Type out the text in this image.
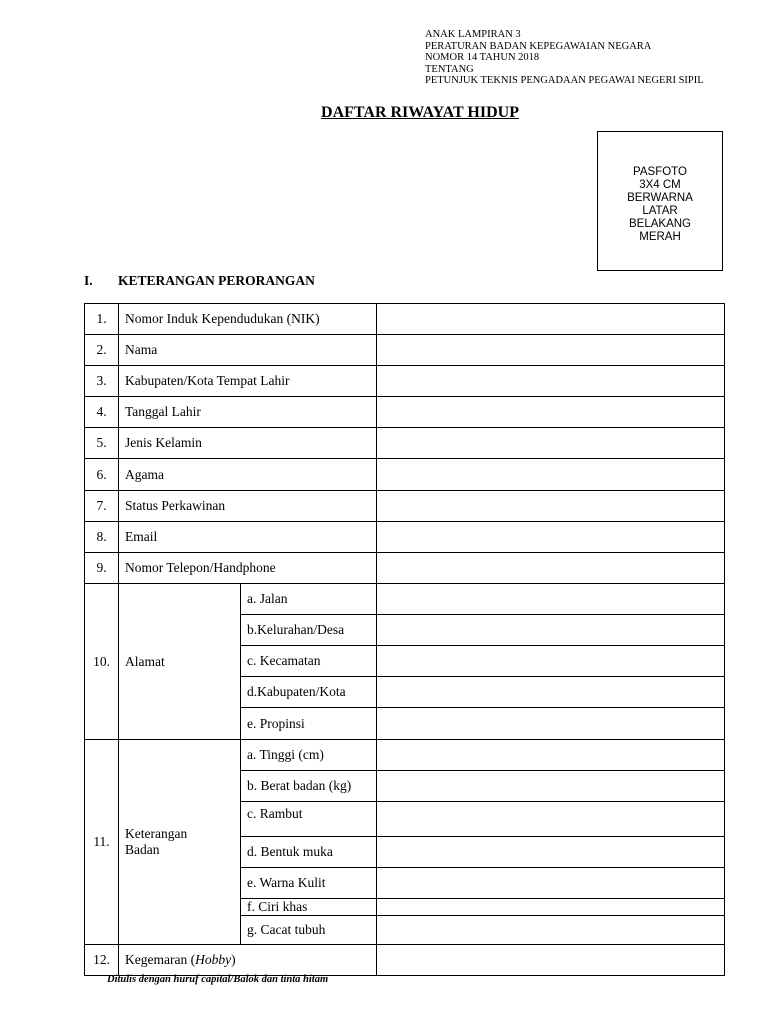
ANAK LAMPIRAN 3
PERATURAN BADAN KEPEGAWAIAN NEGARA
NOMOR 14 TAHUN 2018
TENTANG
PETUNJUK TEKNIS PENGADAAN PEGAWAI NEGERI SIPIL
DAFTAR RIWAYAT HIDUP
PASFOTO
3X4 CM
BERWARNA
LATAR
BELAKANG
MERAH
I. KETERANGAN PERORANGAN
1.	Nomor Induk Kependudukan (NIK)		
2.	Nama		
3.	Kabupaten/Kota Tempat Lahir		
4.	Tanggal Lahir		
5.	Jenis Kelamin		
6.	Agama		
7.	Status Perkawinan		
8.	Email		
9.	Nomor Telepon/Handphone		
10.	Alamat	a. Jalan	
		b.Kelurahan/Desa	
		c. Kecamatan	
		d.Kabupaten/Kota	
		e. Propinsi	
11.	Keterangan
Badan	a. Tinggi (cm)	
		b. Berat badan (kg)	
		c. Rambut	
		d. Bentuk muka	
		e. Warna Kulit	
		f. Ciri khas	
		g. Cacat tubuh	
12.	Kegemaran (Hobby)		
Ditulis dengan huruf capital/Balok dan tinta hitam
